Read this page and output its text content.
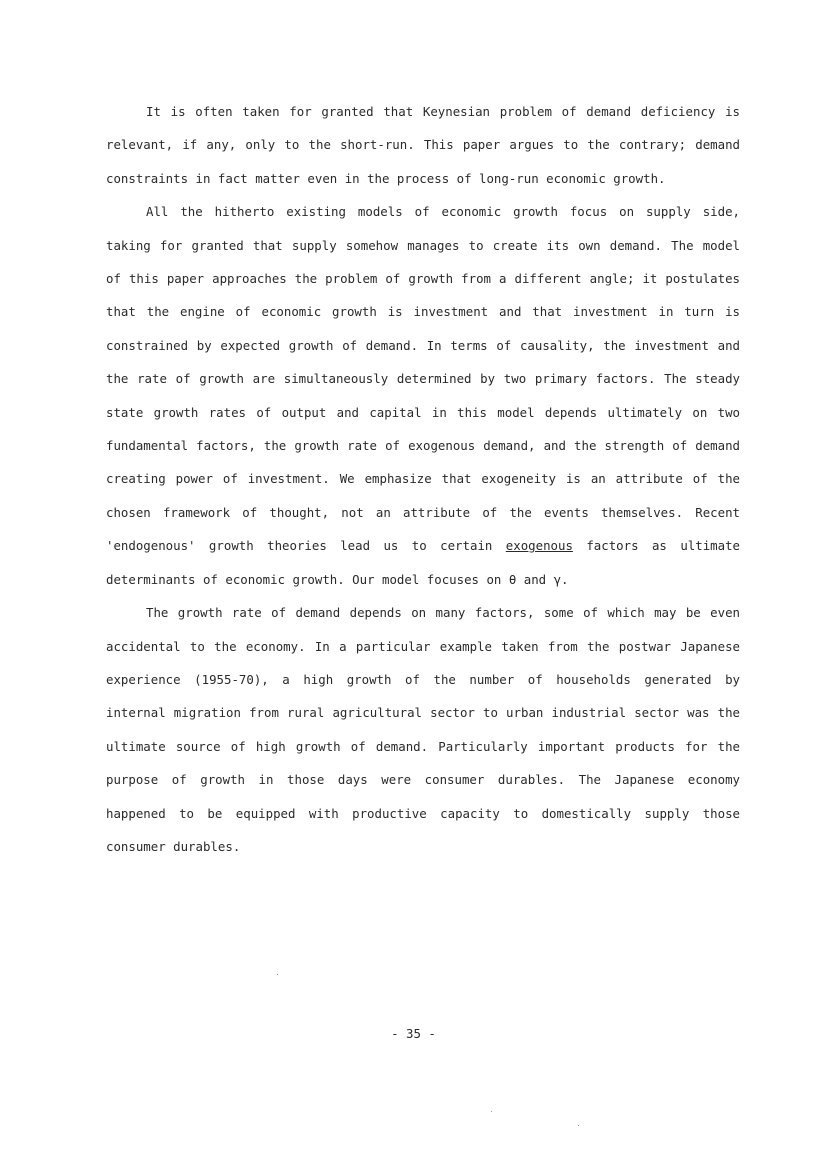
It is often taken for granted that Keynesian problem of demand deficiency is relevant, if any, only to the short-run. This paper argues to the contrary; demand constraints in fact matter even in the process of long-run economic growth.

All the hitherto existing models of economic growth focus on supply side, taking for granted that supply somehow manages to create its own demand. The model of this paper approaches the problem of growth from a different angle; it postulates that the engine of economic growth is investment and that investment in turn is constrained by expected growth of demand. In terms of causality, the investment and the rate of growth are simultaneously determined by two primary factors. The steady state growth rates of output and capital in this model depends ultimately on two fundamental factors, the growth rate of exogenous demand, and the strength of demand creating power of investment. We emphasize that exogeneity is an attribute of the chosen framework of thought, not an attribute of the events themselves. Recent 'endogenous' growth theories lead us to certain exogenous factors as ultimate determinants of economic growth. Our model focuses on θ and γ.

The growth rate of demand depends on many factors, some of which may be even accidental to the economy. In a particular example taken from the postwar Japanese experience (1955-70), a high growth of the number of households generated by internal migration from rural agricultural sector to urban industrial sector was the ultimate source of high growth of demand. Particularly important products for the purpose of growth in those days were consumer durables. The Japanese economy happened to be equipped with productive capacity to domestically supply those consumer durables.

- 35 -
